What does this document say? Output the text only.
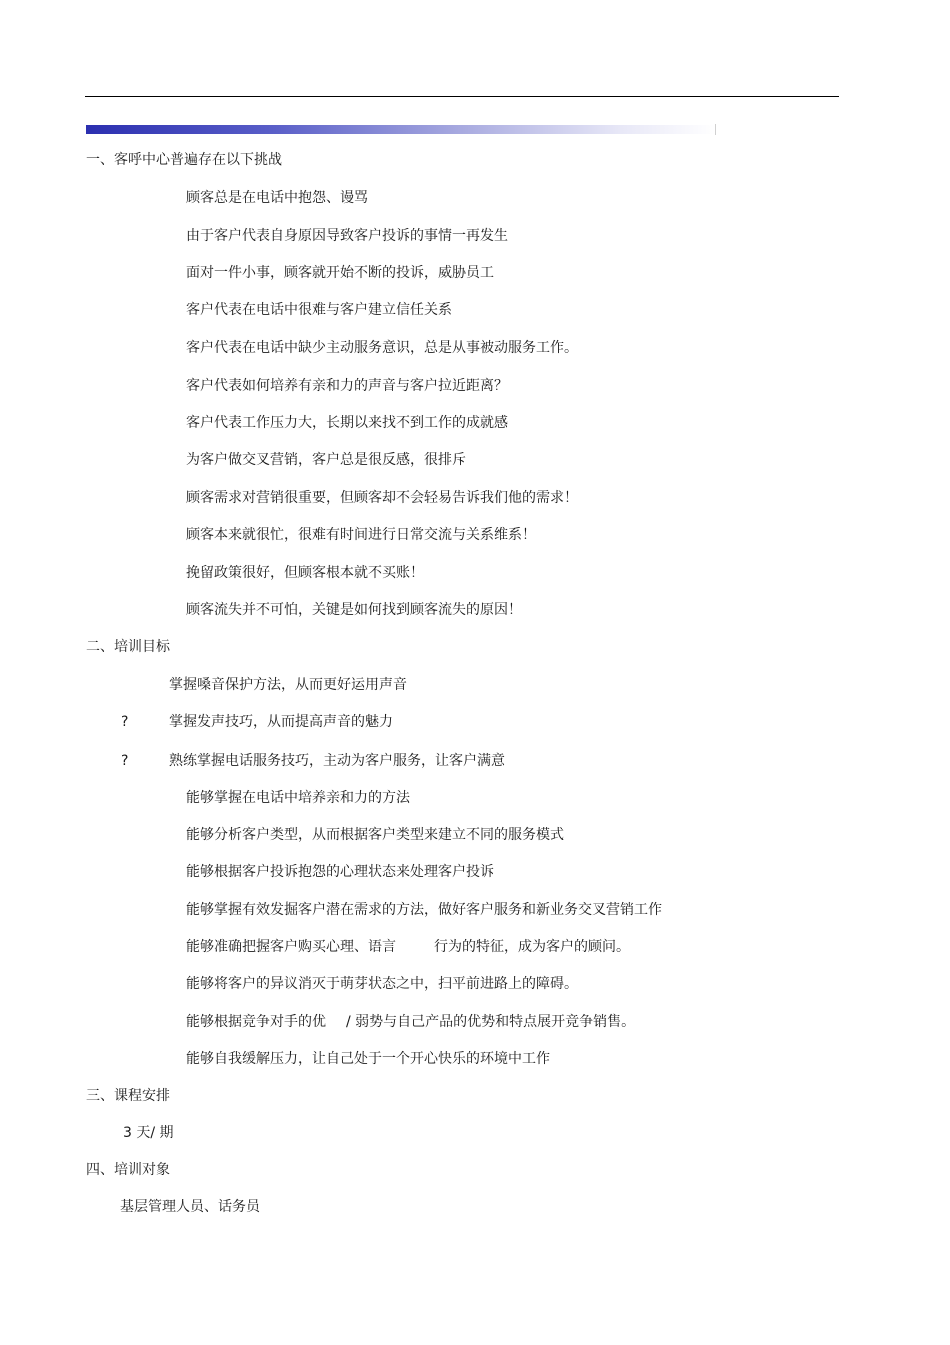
一、客呼中心普遍存在以下挑战
顾客总是在电话中抱怨、谩骂
由于客户代表自身原因导致客户投诉的事情一再发生
面对一件小事，顾客就开始不断的投诉，威胁员工
客户代表在电话中很难与客户建立信任关系
客户代表在电话中缺少主动服务意识，总是从事被动服务工作。
客户代表如何培养有亲和力的声音与客户拉近距离？
客户代表工作压力大，长期以来找不到工作的成就感
为客户做交叉营销，客户总是很反感，很排斥
顾客需求对营销很重要，但顾客却不会轻易告诉我们他的需求！
顾客本来就很忙，很难有时间进行日常交流与关系维系！
挽留政策很好，但顾客根本就不买账！
顾客流失并不可怕，关键是如何找到顾客流失的原因！
二、培训目标
掌握嗓音保护方法，从而更好运用声音
?	掌握发声技巧，从而提高声音的魅力
?	熟练掌握电话服务技巧，主动为客户服务，让客户满意
能够掌握在电话中培养亲和力的方法
能够分析客户类型，从而根据客户类型来建立不同的服务模式
能够根据客户投诉抱怨的心理状态来处理客户投诉
能够掌握有效发掘客户潜在需求的方法，做好客户服务和新业务交叉营销工作
能够准确把握客户购买心理、语言	行为的特征，成为客户的顾问。
能够将客户的异议消灭于萌芽状态之中，扫平前进路上的障碍。
能够根据竞争对手的优 / 弱势与自己产品的优势和特点展开竞争销售。
能够自我缓解压力，让自己处于一个开心快乐的环境中工作
三、课程安排
3 天/ 期
四、培训对象
基层管理人员、话务员
